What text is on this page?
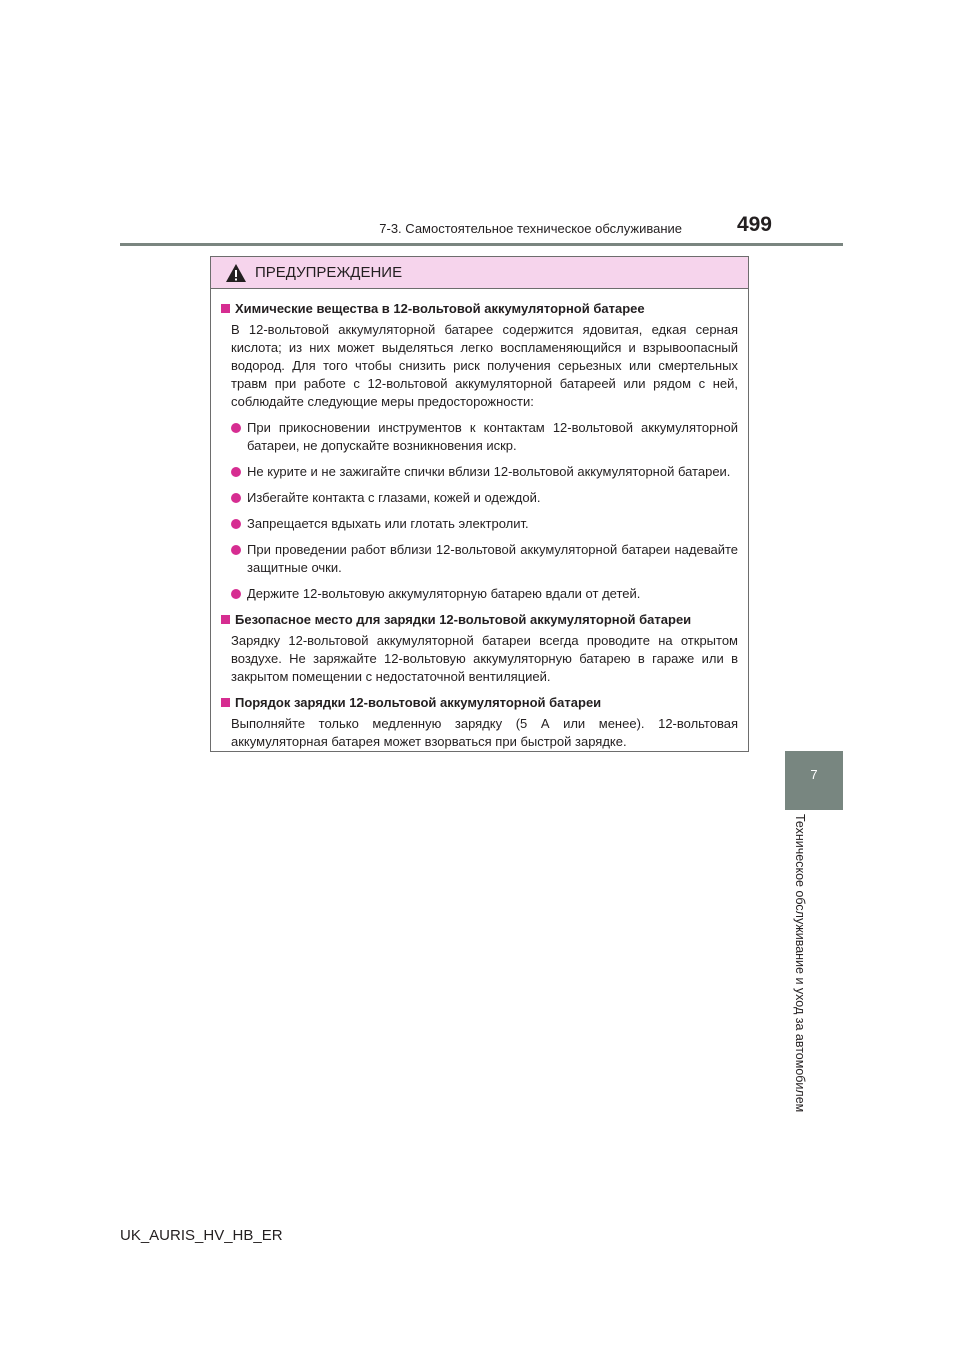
7-3. Самостоятельное техническое обслуживание	499
7
Техническое обслуживание и уход за автомобилем
ПРЕДУПРЕЖДЕНИЕ
Химические вещества в 12-вольтовой аккумуляторной батарее
В 12-вольтовой аккумуляторной батарее содержится ядовитая, едкая серная кислота; из них может выделяться легко воспламеняющийся и взрывоопасный водород. Для того чтобы снизить риск получения серьезных или смертельных травм при работе с 12-вольтовой аккумуляторной батареей или рядом с ней, соблюдайте следующие меры предосторожности:
При прикосновении инструментов к контактам 12-вольтовой аккумуляторной батареи, не допускайте возникновения искр.
Не курите и не зажигайте спички вблизи 12-вольтовой аккумуляторной батареи.
Избегайте контакта с глазами, кожей и одеждой.
Запрещается вдыхать или глотать электролит.
При проведении работ вблизи 12-вольтовой аккумуляторной батареи надевайте защитные очки.
Держите 12-вольтовую аккумуляторную батарею вдали от детей.
Безопасное место для зарядки 12-вольтовой аккумуляторной батареи
Зарядку 12-вольтовой аккумуляторной батареи всегда проводите на открытом воздухе. Не заряжайте 12-вольтовую аккумуляторную батарею в гараже или в закрытом помещении с недостаточной вентиляцией.
Порядок зарядки 12-вольтовой аккумуляторной батареи
Выполняйте только медленную зарядку (5 А или менее). 12-вольтовая аккумуляторная батарея может взорваться при быстрой зарядке.
UK_AURIS_HV_HB_ER
